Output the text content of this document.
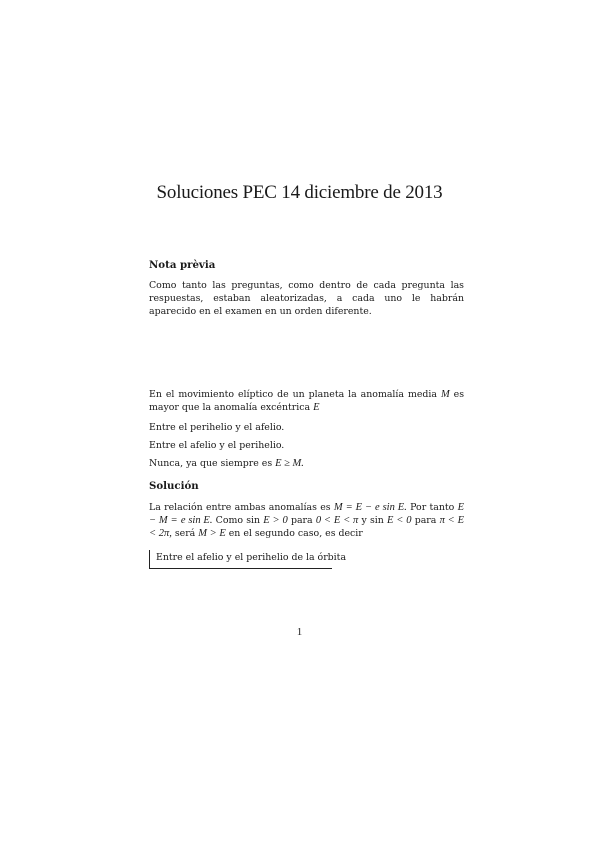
Soluciones PEC 14 diciembre de 2013
Nota prèvia
Como tanto las preguntas, como dentro de cada pregunta las respuestas, estaban aleatorizadas, a cada uno le habrán aparecido en el examen en un orden diferente.
En el movimiento elíptico de un planeta la anomalía media M es mayor que la anomalía excéntrica E
Entre el perihelio y el afelio.
Entre el afelio y el perihelio.
Nunca, ya que siempre es E ≥ M.
Solución
La relación entre ambas anomalías es M = E − e sin E. Por tanto E − M = e sin E. Como sin E > 0 para 0 < E < π y sin E < 0 para π < E < 2π, será M > E en el segundo caso, es decir
Entre el afelio y el perihelio de la órbita
1
